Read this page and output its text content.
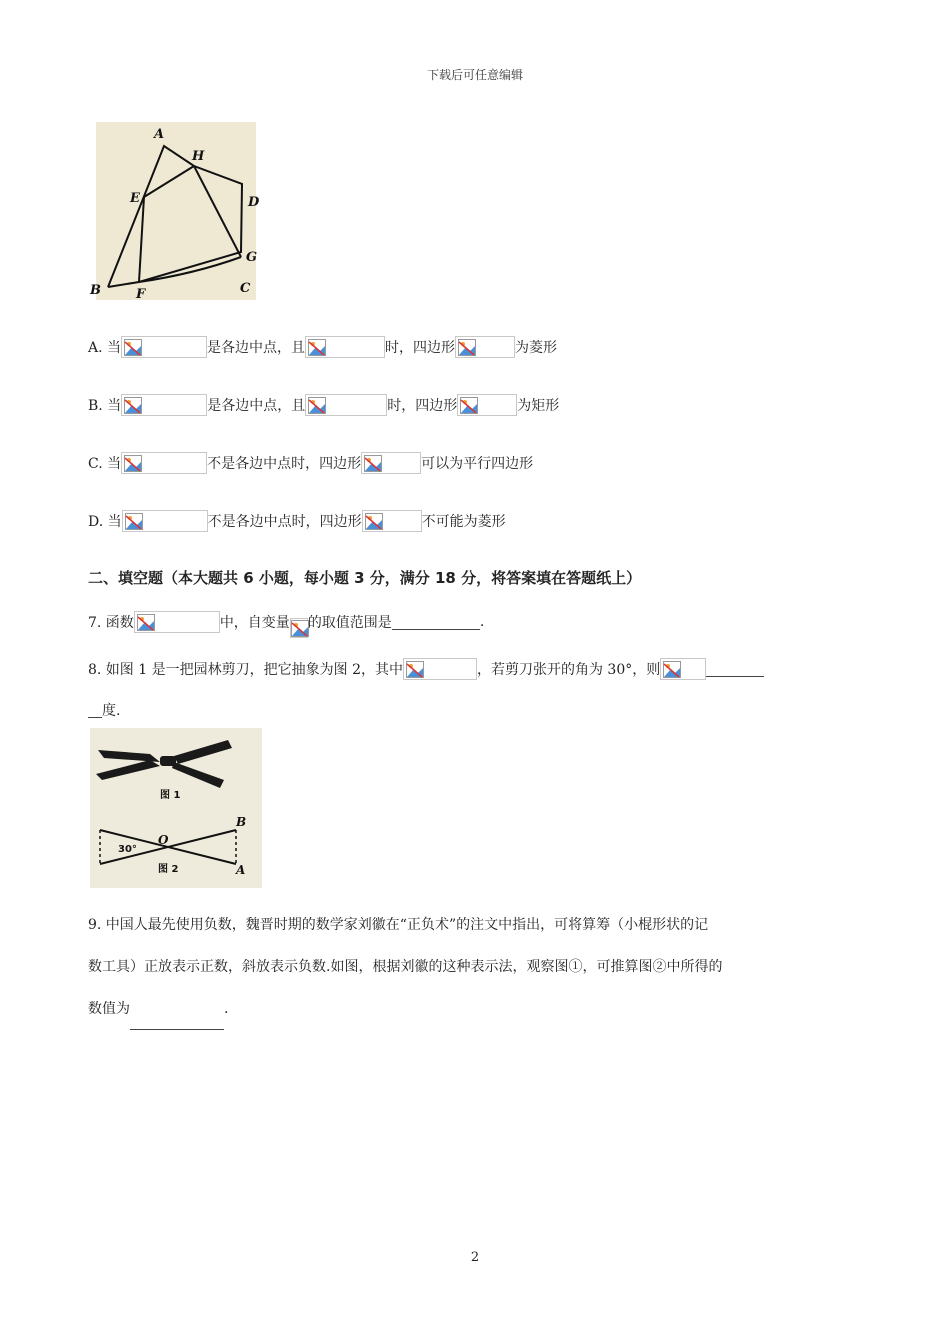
下载后可任意编辑
A
H
E	D
G
B	F	C
A. 当	是各边中点，且	时，四边形	为菱形
B. 当	是各边中点，且	时，四边形	为矩形
C. 当	不是各边中点时，四边形	可以为平行四边形
D. 当	不是各边中点时，四边形	不可能为菱形
二、填空题（本大题共 6 小题，每小题 3 分，满分 18 分，将答案填在答题纸上）
7. 函数	中，自变量 的取值范围是	.
8. 如图 1 是一把园林剪刀，把它抽象为图 2，其中	，若剪刀张开的角为 30°，则
度.
图 1
30°
O
B
A
图 2
9. 中国人最先使用负数，魏晋时期的数学家刘徽在“正负术”的注文中指出，可将算筹（小棍形状的记
数工具）正放表示正数，斜放表示负数.如图，根据刘徽的这种表示法，观察图①，可推算图②中所得的
数值为	.
2
